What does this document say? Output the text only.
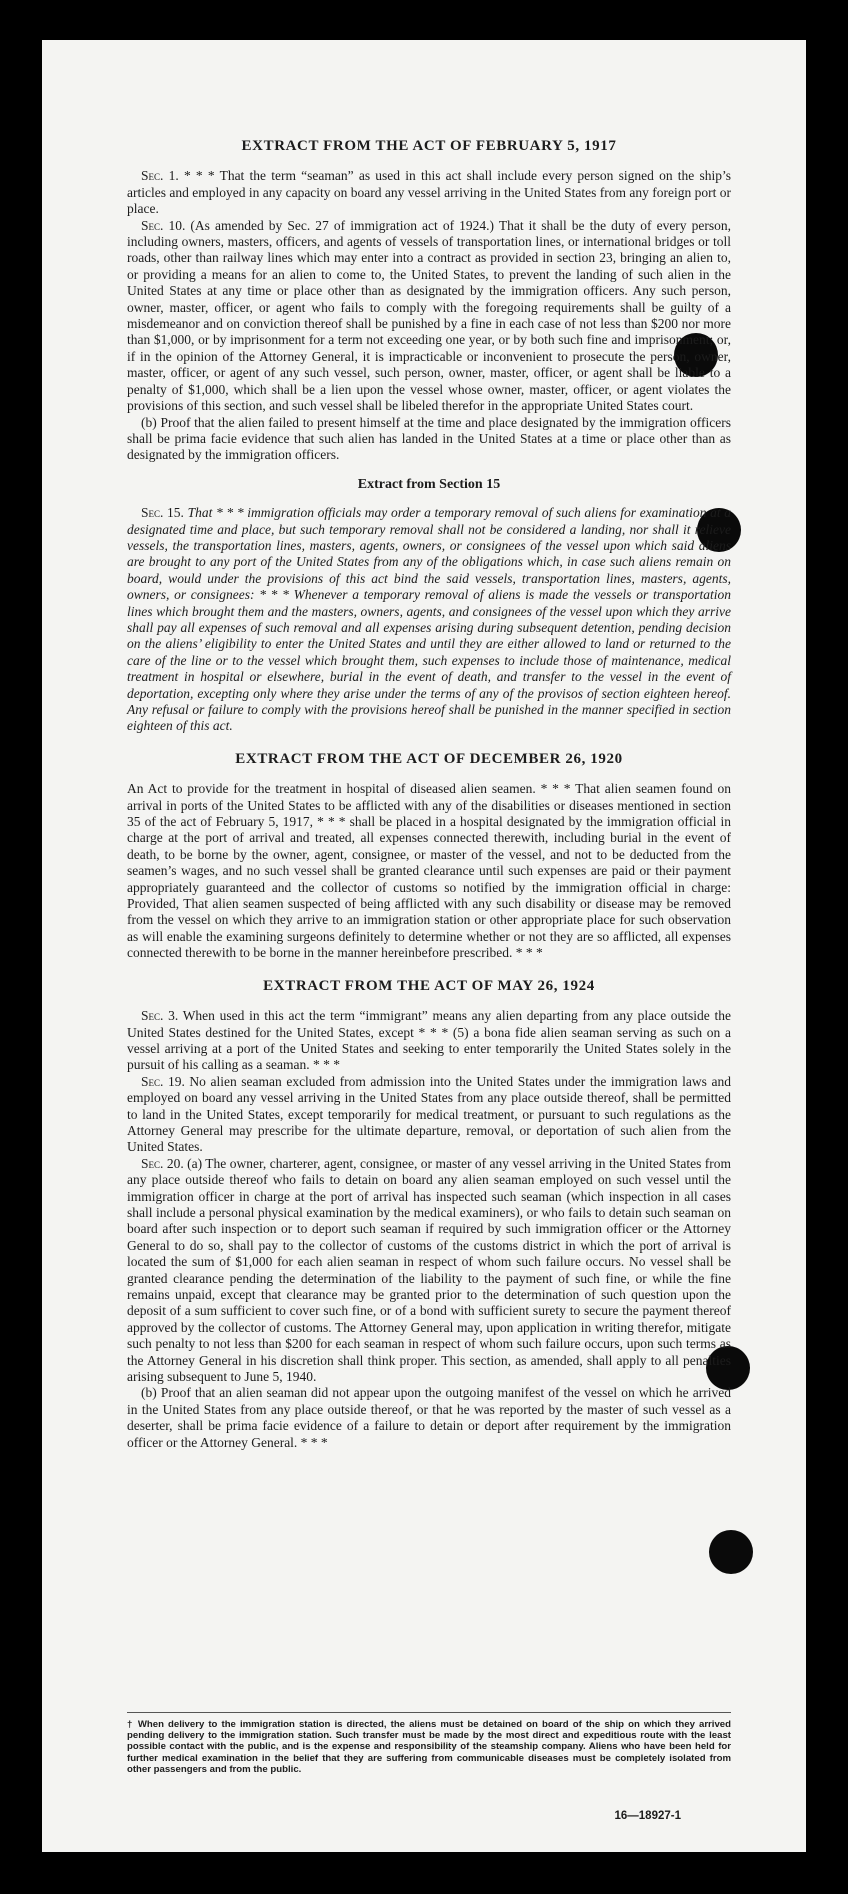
EXTRACT FROM THE ACT OF FEBRUARY 5, 1917

Sec. 1. * * * That the term “seaman” as used in this act shall include every person signed on the ship’s articles and employed in any capacity on board any vessel arriving in the United States from any foreign port or place.

Sec. 10. (As amended by Sec. 27 of immigration act of 1924.) That it shall be the duty of every person, including owners, masters, officers, and agents of vessels of transportation lines, or international bridges or toll roads, other than railway lines which may enter into a contract as provided in section 23, bringing an alien to, or providing a means for an alien to come to, the United States, to prevent the landing of such alien in the United States at any time or place other than as designated by the immigration officers. Any such person, owner, master, officer, or agent who fails to comply with the foregoing requirements shall be guilty of a misdemeanor and on conviction thereof shall be punished by a fine in each case of not less than $200 nor more than $1,000, or by imprisonment for a term not exceeding one year, or by both such fine and imprisonment; or, if in the opinion of the Attorney General, it is impracticable or inconvenient to prosecute the person, owner, master, officer, or agent of any such vessel, such person, owner, master, officer, or agent shall be liable to a penalty of $1,000, which shall be a lien upon the vessel whose owner, master, officer, or agent violates the provisions of this section, and such vessel shall be libeled therefor in the appropriate United States court.

(b) Proof that the alien failed to present himself at the time and place designated by the immigration officers shall be prima facie evidence that such alien has landed in the United States at a time or place other than as designated by the immigration officers.

Extract from Section 15

Sec. 15. That * * * immigration officials may order a temporary removal of such aliens for examination at a designated time and place, but such temporary removal shall not be considered a landing, nor shall it relieve vessels, the transportation lines, masters, agents, owners, or consignees of the vessel upon which said aliens are brought to any port of the United States from any of the obligations which, in case such aliens remain on board, would under the provisions of this act bind the said vessels, transportation lines, masters, agents, owners, or consignees: * * * Whenever a temporary removal of aliens is made the vessels or transportation lines which brought them and the masters, owners, agents, and consignees of the vessel upon which they arrive shall pay all expenses of such removal and all expenses arising during subsequent detention, pending decision on the aliens’ eligibility to enter the United States and until they are either allowed to land or returned to the care of the line or to the vessel which brought them, such expenses to include those of maintenance, medical treatment in hospital or elsewhere, burial in the event of death, and transfer to the vessel in the event of deportation, excepting only where they arise under the terms of any of the provisos of section eighteen hereof. Any refusal or failure to comply with the provisions hereof shall be punished in the manner specified in section eighteen of this act.

EXTRACT FROM THE ACT OF DECEMBER 26, 1920

An Act to provide for the treatment in hospital of diseased alien seamen. * * * That alien seamen found on arrival in ports of the United States to be afflicted with any of the disabilities or diseases mentioned in section 35 of the act of February 5, 1917, * * * shall be placed in a hospital designated by the immigration official in charge at the port of arrival and treated, all expenses connected therewith, including burial in the event of death, to be borne by the owner, agent, consignee, or master of the vessel, and not to be deducted from the seamen’s wages, and no such vessel shall be granted clearance until such expenses are paid or their payment appropriately guaranteed and the collector of customs so notified by the immigration official in charge: Provided, That alien seamen suspected of being afflicted with any such disability or disease may be removed from the vessel on which they arrive to an immigration station or other appropriate place for such observation as will enable the examining surgeons definitely to determine whether or not they are so afflicted, all expenses connected therewith to be borne in the manner hereinbefore prescribed. * * *

EXTRACT FROM THE ACT OF MAY 26, 1924

Sec. 3. When used in this act the term “immigrant” means any alien departing from any place outside the United States destined for the United States, except * * * (5) a bona fide alien seaman serving as such on a vessel arriving at a port of the United States and seeking to enter temporarily the United States solely in the pursuit of his calling as a seaman. * * *

Sec. 19. No alien seaman excluded from admission into the United States under the immigration laws and employed on board any vessel arriving in the United States from any place outside thereof, shall be permitted to land in the United States, except temporarily for medical treatment, or pursuant to such regulations as the Attorney General may prescribe for the ultimate departure, removal, or deportation of such alien from the United States.

Sec. 20. (a) The owner, charterer, agent, consignee, or master of any vessel arriving in the United States from any place outside thereof who fails to detain on board any alien seaman employed on such vessel until the immigration officer in charge at the port of arrival has inspected such seaman (which inspection in all cases shall include a personal physical examination by the medical examiners), or who fails to detain such seaman on board after such inspection or to deport such seaman if required by such immigration officer or the Attorney General to do so, shall pay to the collector of customs of the customs district in which the port of arrival is located the sum of $1,000 for each alien seaman in respect of whom such failure occurs. No vessel shall be granted clearance pending the determination of the liability to the payment of such fine, or while the fine remains unpaid, except that clearance may be granted prior to the determination of such question upon the deposit of a sum sufficient to cover such fine, or of a bond with sufficient surety to secure the payment thereof approved by the collector of customs. The Attorney General may, upon application in writing therefor, mitigate such penalty to not less than $200 for each seaman in respect of whom such failure occurs, upon such terms as the Attorney General in his discretion shall think proper. This section, as amended, shall apply to all penalties arising subsequent to June 5, 1940.

(b) Proof that an alien seaman did not appear upon the outgoing manifest of the vessel on which he arrived in the United States from any place outside thereof, or that he was reported by the master of such vessel as a deserter, shall be prima facie evidence of a failure to detain or deport after requirement by the immigration officer or the Attorney General. * * *

† When delivery to the immigration station is directed, the aliens must be detained on board of the ship on which they arrived pending delivery to the immigration station. Such transfer must be made by the most direct and expeditious route with the least possible contact with the public, and is the expense and responsibility of the steamship company. Aliens who have been held for further medical examination in the belief that they are suffering from communicable diseases must be completely isolated from other passengers and from the public.
16—18927-1
